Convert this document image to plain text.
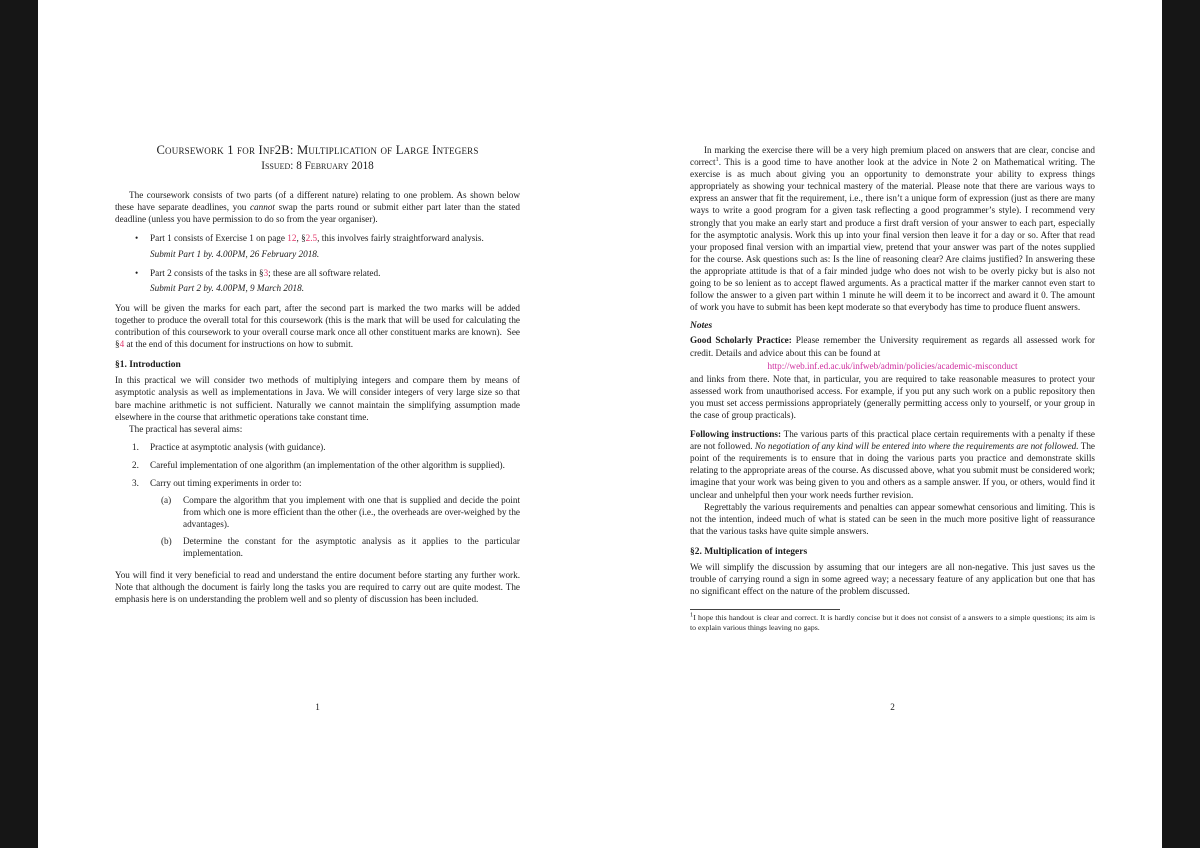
Coursework 1 for Inf2B: Multiplication of Large Integers
Issued: 8 February 2018
The coursework consists of two parts (of a different nature) relating to one problem. As shown below these have separate deadlines, you cannot swap the parts round or submit either part later than the stated deadline (unless you have permission to do so from the year organiser).
•	Part 1 consists of Exercise 1 on page 12, §2.5, this involves fairly straightforward analysis.
Submit Part 1 by. 4.00PM, 26 February 2018.
•	Part 2 consists of the tasks in §3; these are all software related.
Submit Part 2 by. 4.00PM, 9 March 2018.
You will be given the marks for each part, after the second part is marked the two marks will be added together to produce the overall total for this coursework (this is the mark that will be used for calculating the contribution of this coursework to your overall course mark once all other constituent marks are known).  See §4 at the end of this document for instructions on how to submit.
§1. Introduction
In this practical we will consider two methods of multiplying integers and compare them by means of asymptotic analysis as well as implementations in Java. We will consider integers of very large size so that bare machine arithmetic is not sufficient. Naturally we cannot maintain the simplifying assumption made elsewhere in the course that arithmetic operations take constant time.
The practical has several aims:
1.	Practice at asymptotic analysis (with guidance).
2.	Careful implementation of one algorithm (an implementation of the other algorithm is supplied).
3.	Carry out timing experiments in order to:
(a)	Compare the algorithm that you implement with one that is supplied and decide the point from which one is more efficient than the other (i.e., the overheads are over-weighed by the advantages).
(b)	Determine the constant for the asymptotic analysis as it applies to the particular implementation.
You will find it very beneficial to read and understand the entire document before starting any further work. Note that although the document is fairly long the tasks you are required to carry out are quite modest. The emphasis here is on understanding the problem well and so plenty of discussion has been included.
1
In marking the exercise there will be a very high premium placed on answers that are clear, concise and correct$^1$. This is a good time to have another look at the advice in Note 2 on Mathematical writing. The exercise is as much about giving you an opportunity to demonstrate your ability to express things appropriately as showing your technical mastery of the material. Please note that there are various ways to express an answer that fit the requirement, i.e., there isn’t a unique form of expression (just as there are many ways to write a good program for a given task reflecting a good programmer’s style). I recommend very strongly that you make an early start and produce a first draft version of your answer to each part, especially for the asymptotic analysis. Work this up into your final version then leave it for a day or so. After that read your proposed final version with an impartial view, pretend that your answer was part of the notes supplied for the course. Ask questions such as: Is the line of reasoning clear? Are claims justified? In answering these the appropriate attitude is that of a fair minded judge who does not wish to be overly picky but is also not going to be so lenient as to accept flawed arguments. As a practical matter if the marker cannot even start to follow the answer to a given part within 1 minute he will deem it to be incorrect and award it 0. The amount of work you have to submit has been kept moderate so that everybody has time to produce fluent answers.
Notes
Good Scholarly Practice: Please remember the University requirement as regards all assessed work for credit. Details and advice about this can be found at
http://web.inf.ed.ac.uk/infweb/admin/policies/academic-misconduct
and links from there. Note that, in particular, you are required to take reasonable measures to protect your assessed work from unauthorised access. For example, if you put any such work on a public repository then you must set access permissions appropriately (generally permitting access only to yourself, or your group in the case of group practicals).
Following instructions: The various parts of this practical place certain requirements with a penalty if these are not followed. No negotiation of any kind will be entered into where the requirements are not followed. The point of the requirements is to ensure that in doing the various parts you practice and demonstrate skills relating to the appropriate areas of the course. As discussed above, what you submit must be considered work; imagine that your work was being given to you and others as a sample answer. If you, or others, would find it unclear and unhelpful then your work needs further revision.
Regrettably the various requirements and penalties can appear somewhat censorious and limiting. This is not the intention, indeed much of what is stated can be seen in the much more positive light of reassurance that the various tasks have quite simple answers.
§2. Multiplication of integers
We will simplify the discussion by assuming that our integers are all non-negative. This just saves us the trouble of carrying round a sign in some agreed way; a necessary feature of any application but one that has no significant effect on the nature of the problem discussed.
$^1$I hope this handout is clear and correct. It is hardly concise but it does not consist of a answers to a simple questions; its aim is to explain various things leaving no gaps.
2
